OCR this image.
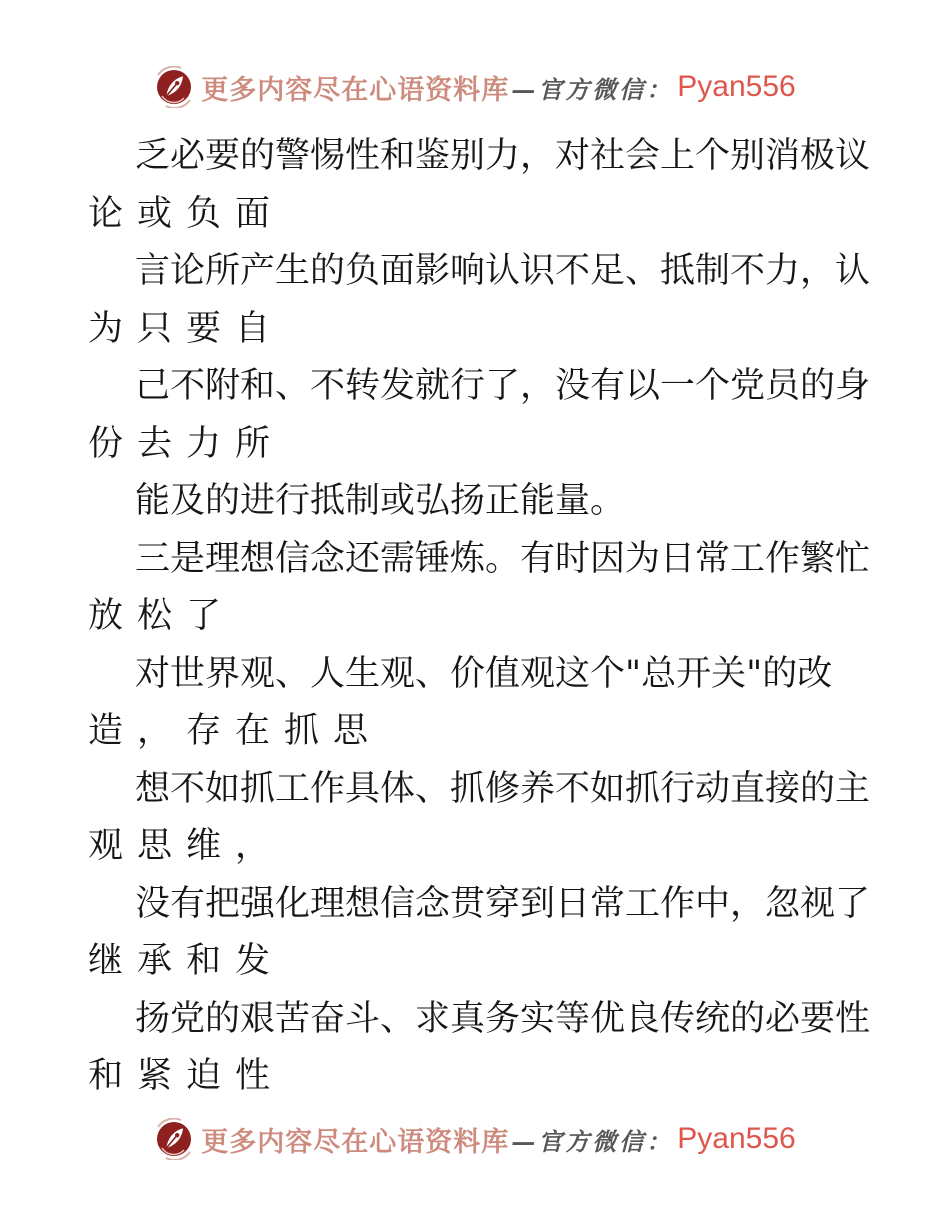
更多内容尽在心语资料库 —官方微信： Pyan556
乏必要的警惕性和鉴别力，对社会上个别消极议
论或负面
言论所产生的负面影响认识不足、抵制不力，认
为只要自
己不附和、不转发就行了，没有以一个党员的身
份去力所
能及的进行抵制或弘扬正能量。
三是理想信念还需锤炼。有时因为日常工作繁忙
放松了
对世界观、人生观、价值观这个"总开关"的改
造，存在抓思
想不如抓工作具体、抓修养不如抓行动直接的主
观思维，
没有把强化理想信念贯穿到日常工作中，忽视了
继承和发
扬党的艰苦奋斗、求真务实等优良传统的必要性
和紧迫性
更多内容尽在心语资料库 —官方微信： Pyan556
